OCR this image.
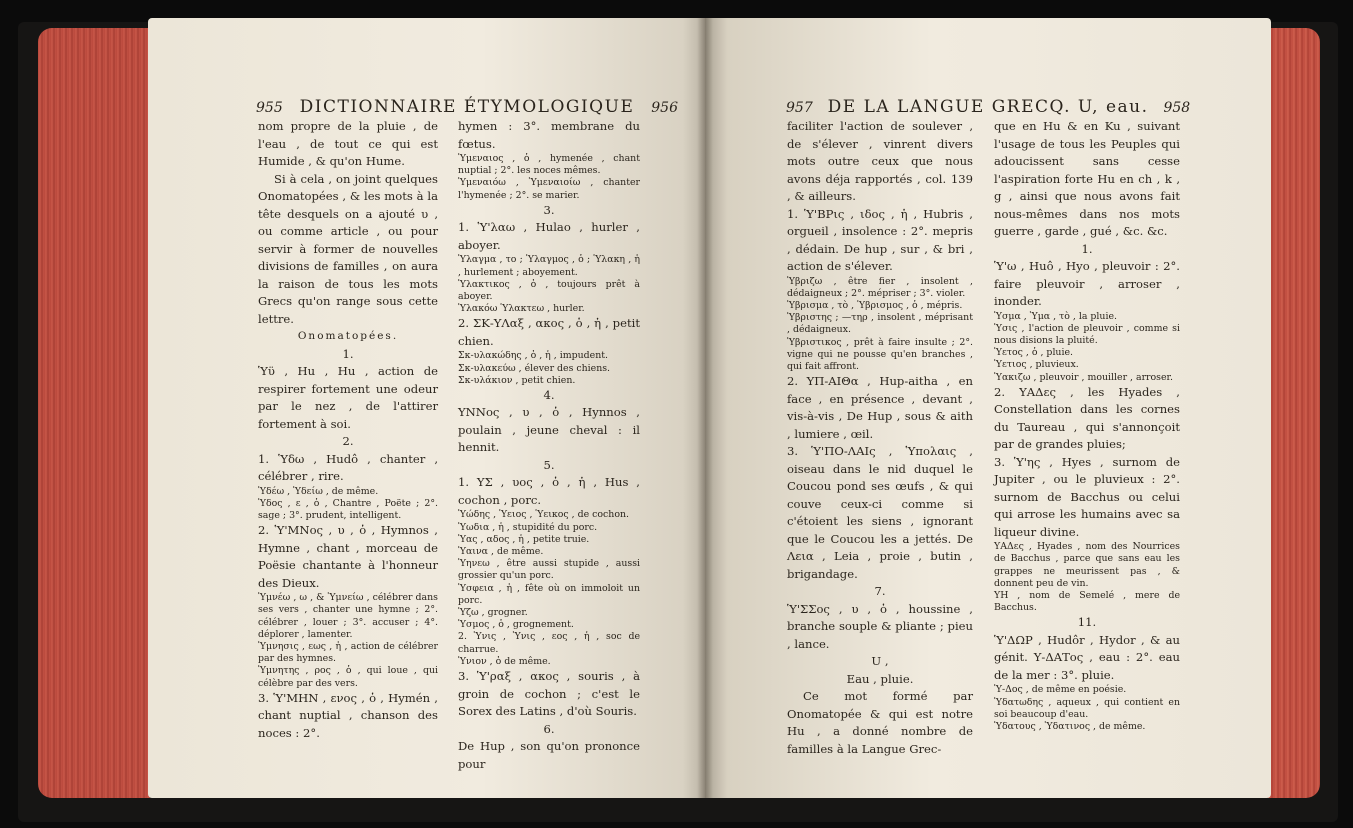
955 DICTIONNAIRE ÉTYMOLOGIQUE 956	957 DE LA LANGUE GRECQ. U, eau. 958

nom propre de la pluie , de l'eau , de tout ce qui est Humide , & qu'on Hume.

Si à cela , on joint quelques Onomatopées , & les mots à la tête desquels on a ajouté υ , ou comme article , ou pour servir à former de nouvelles divisions de familles , on aura la raison de tous les mots Grecs qu'on range sous cette lettre.

Onomatopées.

1.

Ὑϋ , Hu , Hu , action de respirer fortement une odeur par le nez , de l'attirer fortement à soi.

2.

1. Ὑδω , Hudô , chanter , célébrer , rire.

Ὑδέω , Ὑδείω , de même.

Ὑδος , ε , ὁ , Chantre , Poëte ; 2°. sage ; 3°. prudent, intelligent.

2. Ὑ'ΜΝος , υ , ὁ , Hymnos , Hymne , chant , morceau de Poësie chantante à l'honneur des Dieux.

Ὑμνέω , ω , & Ὑμνείω , célébrer dans ses vers , chanter une hymne ; 2°. célébrer , louer ; 3°. accuser ; 4°. déplorer , lamenter.

Ὑμνησις , εως , ἡ , action de célébrer par des hymnes.

Ὑμνητης , ρος , ὁ , qui loue , qui célèbre par des vers.

3. Ὑ'ΜΗΝ , ενος , ὁ , Hymén , chant nuptial , chanson des noces : 2°.

hymen : 3°. membrane du fœtus.

Ὑμεναιος , ὁ , hymenée , chant nuptial ; 2°. les noces mêmes.

Ὑμεναιόω , Ὑμεναιοίω , chanter l'hymenée ; 2°. se marier.

3.

1. Ὑ'λαω , Hulao , hurler , aboyer.

Ὑλαγμα , το ; Ὑλαγμος , ὁ ; Ὑλακη , ἡ , hurlement ; aboyement.

Ὑλακτικος , ὁ , toujours prêt à aboyer.

Ὑλακόω Ὑλακτεω , hurler.

2. ΣΚ-ΥΛαξ , ακος , ὁ , ἡ , petit chien.

Σκ-υλακώδης , ὁ , ἡ , impudent.

Σκ-υλακεύω , élever des chiens.

Σκ-υλάκιον , petit chien.

4.

ΥΝΝος , υ , ὁ , Hynnos , poulain , jeune cheval : il hennit.

5.

1. ΥΣ , υος , ὁ , ἡ , Hus , cochon , porc.

Ὑώδης , Ὑειος , Ὑεικος , de cochon.

Ὑωδια , ἡ , stupidité du porc.

Ὑας , αδος , ἡ , petite truie.

Ὑαινα , de même.

Ὑηνεω , être aussi stupide , aussi grossier qu'un porc.

Ὑσφεια , ἡ , fête où on immoloit un porc.

Ὑζω , grogner.

Ὑσμος , ὁ , grognement.

2. Ὑνις , Ὑνις , εος , ἡ , soc de charrue.

Ὑνιον , ὁ de même.

3. Ὑ'ραξ , ακος , souris , à groin de cochon ; c'est le Sorex des Latins , d'où Souris.

6.

De Hup , son qu'on prononce pour

faciliter l'action de soulever , de s'élever , vinrent divers mots outre ceux que nous avons déja rapportés , col. 139 , & ailleurs.

1. Ὑ'ΒΡις , ιδος , ἡ , Hubris , orgueil , insolence : 2°. mepris , dédain. De hup , sur , & bri , action de s'élever.

Ὑβριζω , être fier , insolent , dédaigneux ; 2°. mépriser ; 3°. violer.

Ὑβρισμα , τὸ , Ὑβρισμος , ὁ , mépris.

Ὑβριστης ; —τηρ , insolent , méprisant , dédaigneux.

Ὑβριστικος , prêt à faire insulte ; 2°. vigne qui ne pousse qu'en branches , qui fait affront.

2. ΥΠ-ΑΙΘα , Hup-aitha , en face , en présence , devant , vis-à-vis , De Hup , sous & aith , lumiere , œil.

3. Ὑ'ΠΟ-ΛΑΙς , Ὑπολαις , oiseau dans le nid duquel le Coucou pond ses œufs , & qui couve ceux-ci comme si c'étoient les siens , ignorant que le Coucou les a jettés. De Λεια , Leia , proie , butin , brigandage.

7.

Ὑ'ΣΣος , υ , ὁ , houssine , branche souple & pliante ; pieu , lance.

U ,

Eau , pluie.

Ce mot formé par Onomatopée & qui est notre Hu , a donné nombre de familles à la Langue Grec-

que en Hu & en Ku , suivant l'usage de tous les Peuples qui adoucissent sans cesse l'aspiration forte Hu en ch , k , g , ainsi que nous avons fait nous-mêmes dans nos mots guerre , garde , gué , &c. &c.

1.

Ὑ'ω , Huô , Hyo , pleuvoir : 2°. faire pleuvoir , arroser , inonder.

Ὑσμα , Ὑμα , τὸ , la pluie.

Ὑσις , l'action de pleuvoir , comme si nous disions la pluité.

Ὑετος , ὁ , pluie.

Ὑετιος , pluvieux.

Ὑακιζω , pleuvoir , mouiller , arroser.

2. ΥΑΔες , les Hyades , Constellation dans les cornes du Taureau , qui s'annonçoit par de grandes pluies;

3. Ὑ'ης , Hyes , surnom de Jupiter , ou le pluvieux : 2°. surnom de Bacchus ou celui qui arrose les humains avec sa liqueur divine.

ΥΑΔες , Hyades , nom des Nourrices de Bacchus , parce que sans eau les grappes ne meurissent pas , & donnent peu de vin.

ΥΗ , nom de Semelé , mere de Bacchus.

11.

Ὑ'ΔΩΡ , Hudôr , Hydor , & au génit. Υ-ΔΑΤος , eau : 2°. eau de la mer : 3°. pluie.

Ὑ-Δος , de même en poésie.

Ὑδατωδης , aqueux , qui contient en soi beaucoup d'eau.

Ὑδατους , Ὑδατινος , de même.
